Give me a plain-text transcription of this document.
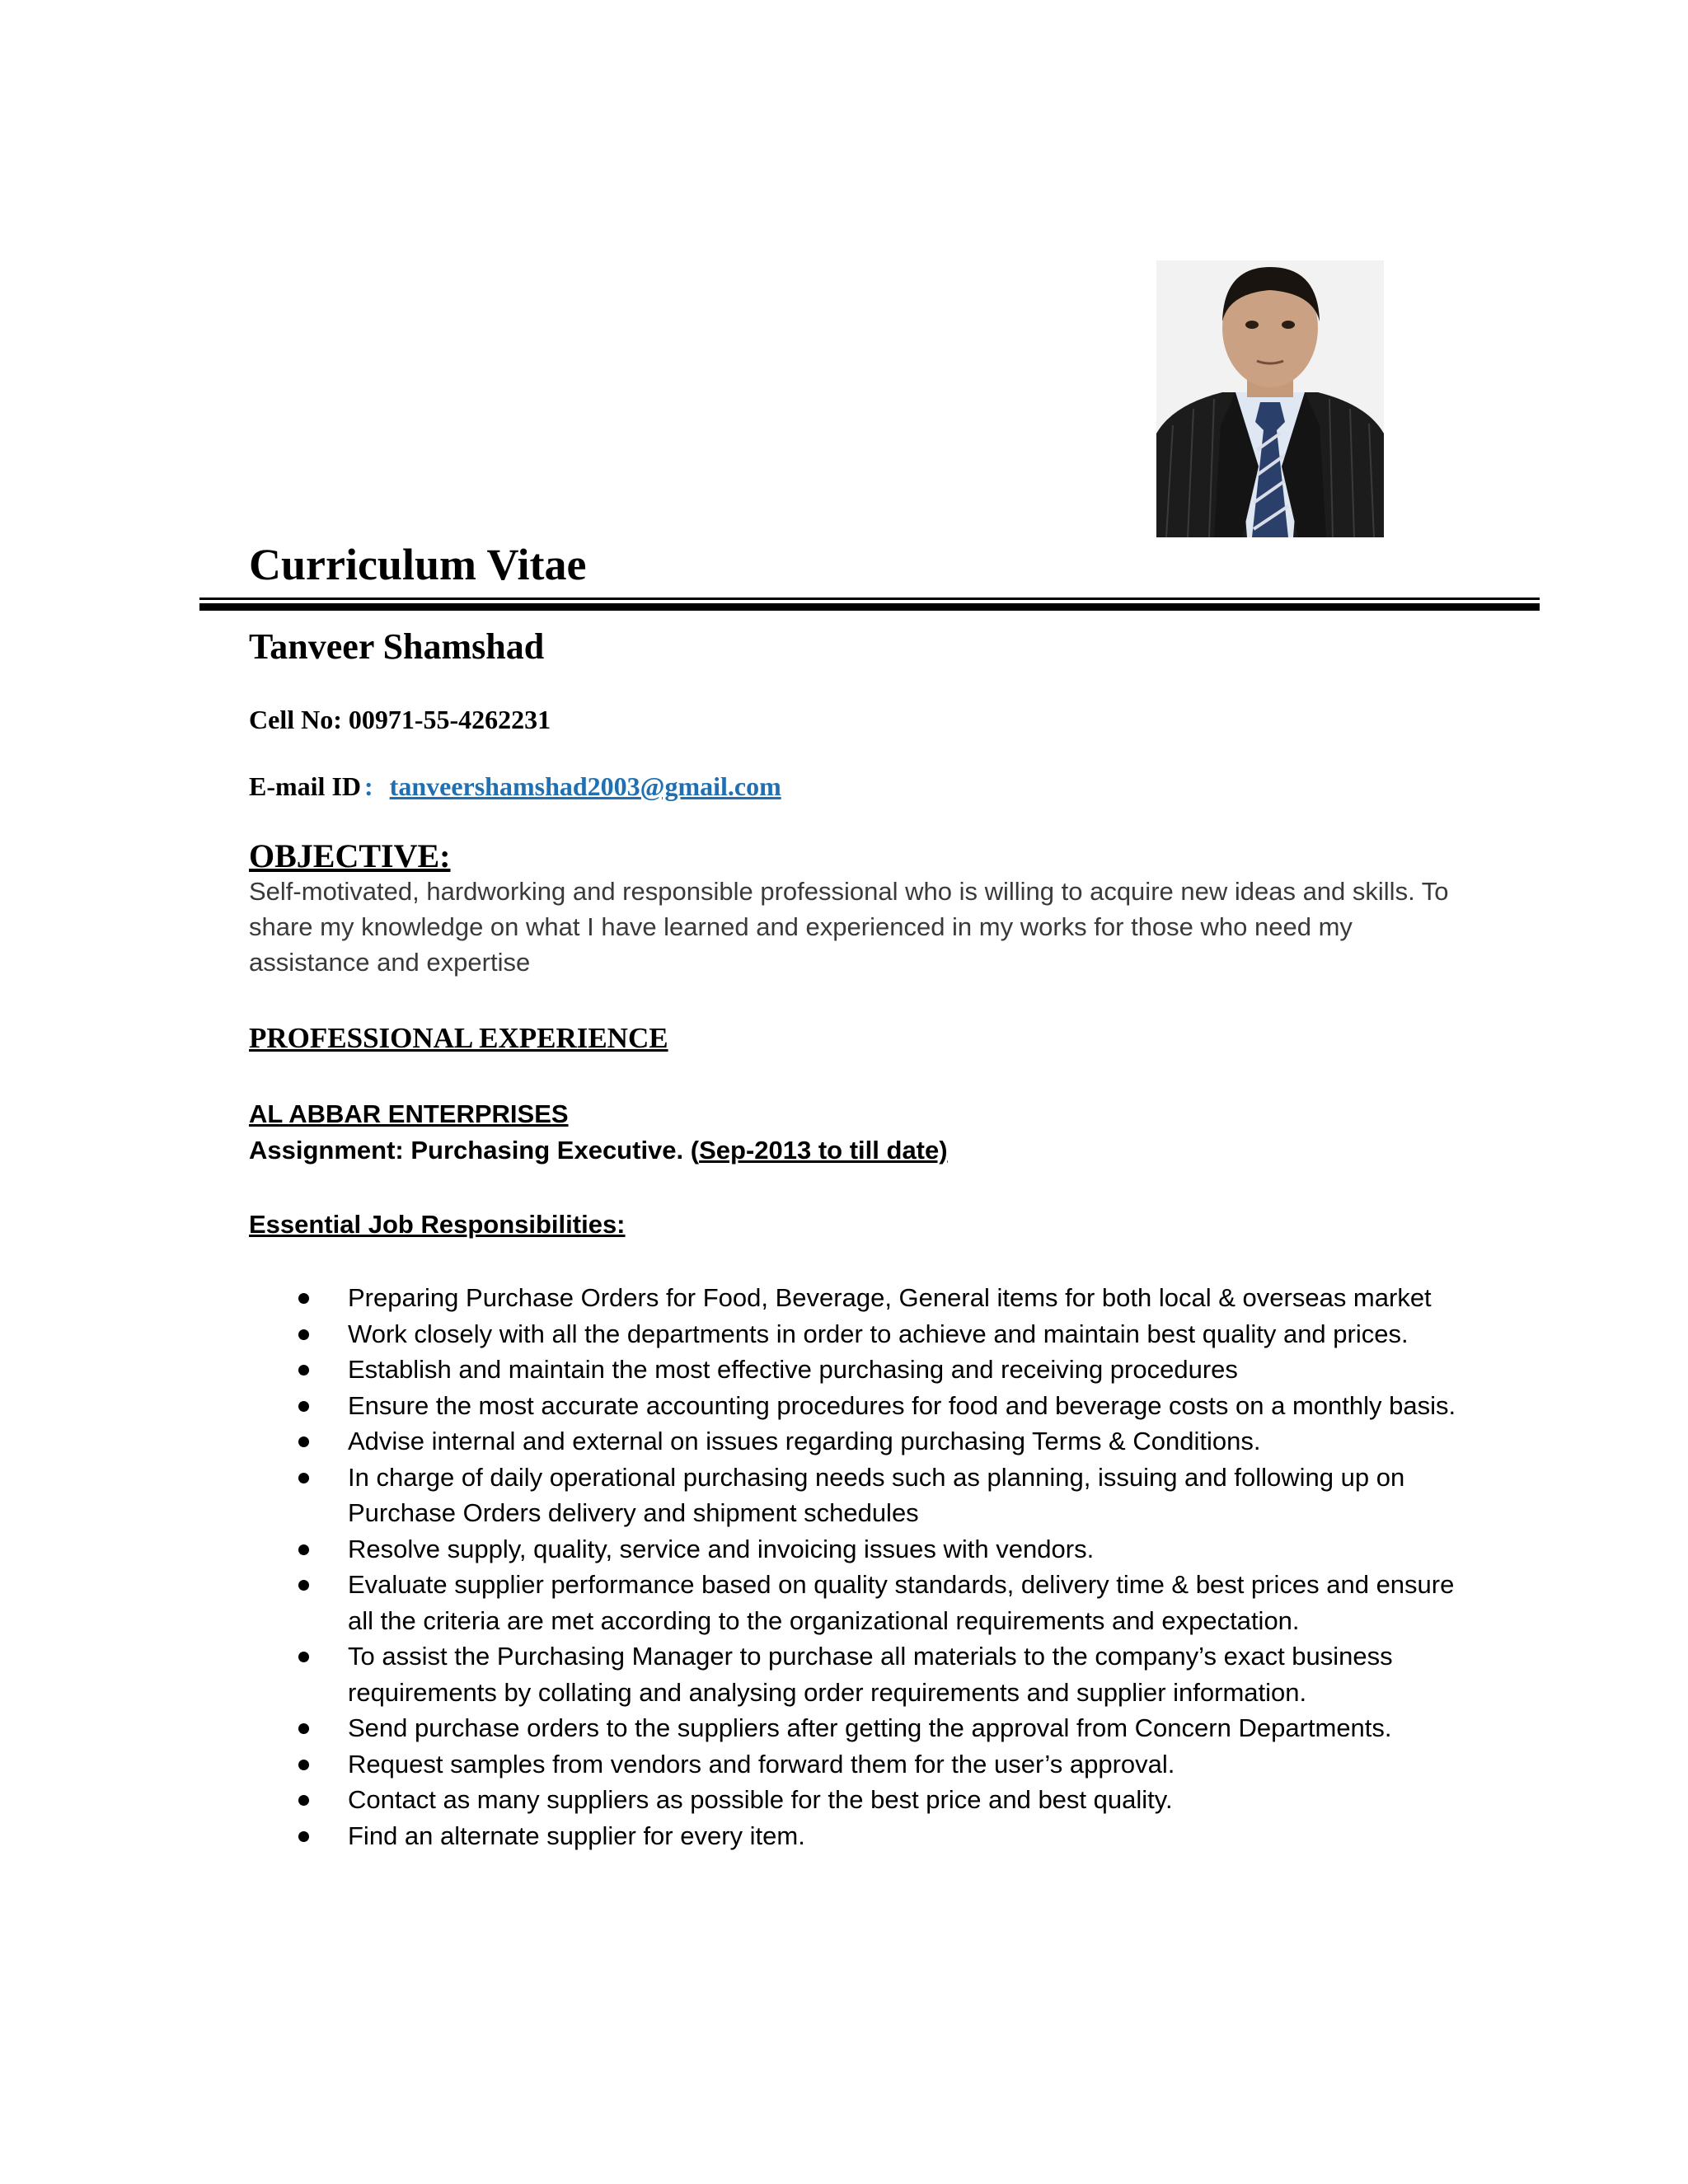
Curriculum Vitae
Tanveer Shamshad
Cell No: 00971-55-4262231
E-mail ID : tanveershamshad2003@gmail.com
OBJECTIVE:
Self-motivated, hardworking and responsible professional who is willing to acquire new ideas and skills. To share my knowledge on what I have learned and experienced in my works for those who need my assistance and expertise
PROFESSIONAL EXPERIENCE
AL ABBAR ENTERPRISES
Assignment: Purchasing Executive. (Sep-2013 to till date)
Essential Job Responsibilities:
Preparing Purchase Orders for Food, Beverage, General items for both local & overseas market
Work closely with all the departments in order to achieve and maintain best quality and prices.
Establish and maintain the most effective purchasing and receiving procedures
Ensure the most accurate accounting procedures for food and beverage costs on a monthly basis.
Advise internal and external on issues regarding purchasing Terms & Conditions.
In charge of daily operational purchasing needs such as planning, issuing and following up on Purchase Orders delivery and shipment schedules
Resolve supply, quality, service and invoicing issues with vendors.
Evaluate supplier performance based on quality standards, delivery time & best prices and ensure all the criteria are met according to the organizational requirements and expectation.
To assist the Purchasing Manager to purchase all materials to the company’s exact business requirements by collating and analysing order requirements and supplier information.
Send purchase orders to the suppliers after getting the approval from Concern Departments.
Request samples from vendors and forward them for the user’s approval.
Contact as many suppliers as possible for the best price and best quality.
Find an alternate supplier for every item.
